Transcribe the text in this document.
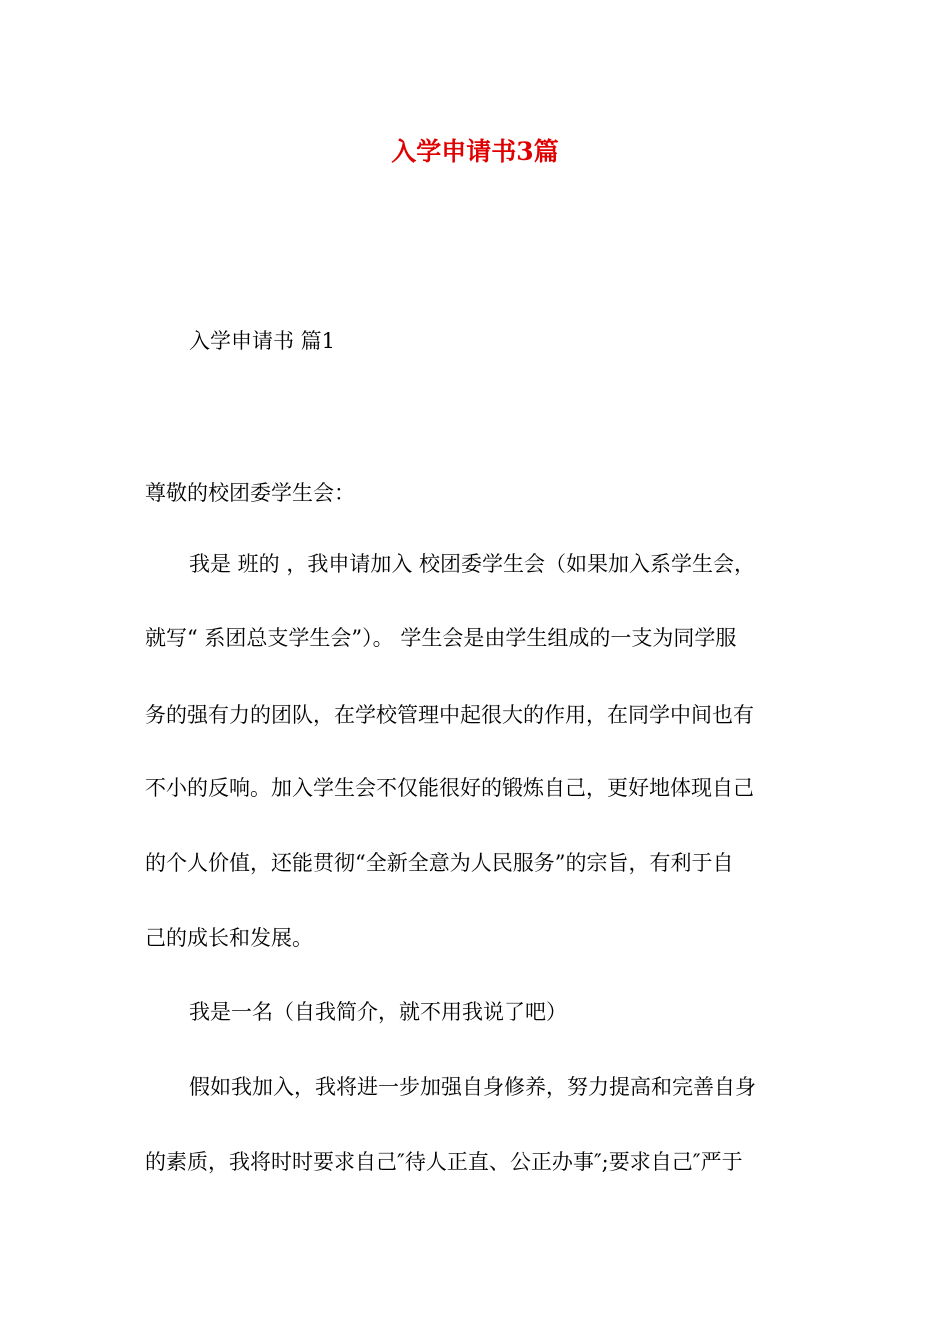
入学申请书3篇
入学申请书 篇1
尊敬的校团委学生会：
我是 班的 ，我申请加入 校团委学生会（如果加入系学生会，
就写“ 系团总支学生会”）。 学生会是由学生组成的一支为同学服
务的强有力的团队，在学校管理中起很大的作用，在同学中间也有
不小的反响。加入学生会不仅能很好的锻炼自己，更好地体现自己
的个人价值，还能贯彻“全新全意为人民服务”的宗旨，有利于自
己的成长和发展。
我是一名（自我简介，就不用我说了吧）
假如我加入，我将进一步加强自身修养，努力提高和完善自身
的素质，我将时时要求自己″待人正直、公正办事″;要求自己″严于
